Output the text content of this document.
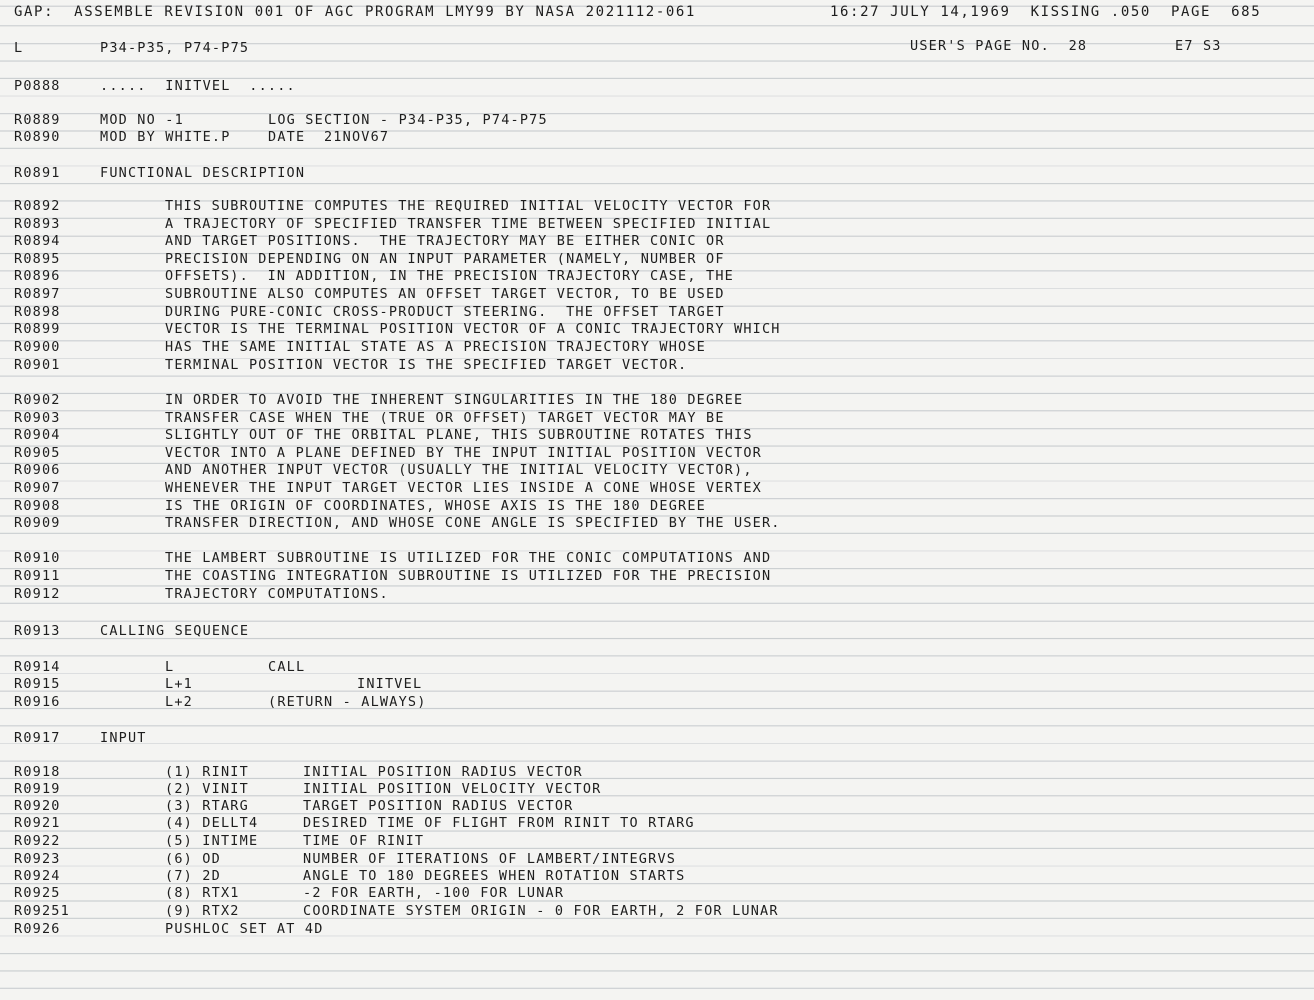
GAP:  ASSEMBLE REVISION 001 OF AGC PROGRAM LMY99 BY NASA 2021112-061	16:27 JULY 14,1969  KISSING .050  PAGE  685
L	P34-P35, P74-P75	USER'S PAGE NO.  28	E7 S3
P0888	.....  INITVEL  .....
R0889	MOD NO -1	LOG SECTION - P34-P35, P74-P75
R0890	MOD BY WHITE.P	DATE  21NOV67
R0891	FUNCTIONAL DESCRIPTION
R0892	THIS SUBROUTINE COMPUTES THE REQUIRED INITIAL VELOCITY VECTOR FOR
R0893	A TRAJECTORY OF SPECIFIED TRANSFER TIME BETWEEN SPECIFIED INITIAL
R0894	AND TARGET POSITIONS.  THE TRAJECTORY MAY BE EITHER CONIC OR
R0895	PRECISION DEPENDING ON AN INPUT PARAMETER (NAMELY, NUMBER OF
R0896	OFFSETS).  IN ADDITION, IN THE PRECISION TRAJECTORY CASE, THE
R0897	SUBROUTINE ALSO COMPUTES AN OFFSET TARGET VECTOR, TO BE USED
R0898	DURING PURE-CONIC CROSS-PRODUCT STEERING.  THE OFFSET TARGET
R0899	VECTOR IS THE TERMINAL POSITION VECTOR OF A CONIC TRAJECTORY WHICH
R0900	HAS THE SAME INITIAL STATE AS A PRECISION TRAJECTORY WHOSE
R0901	TERMINAL POSITION VECTOR IS THE SPECIFIED TARGET VECTOR.
R0902	IN ORDER TO AVOID THE INHERENT SINGULARITIES IN THE 180 DEGREE
R0903	TRANSFER CASE WHEN THE (TRUE OR OFFSET) TARGET VECTOR MAY BE
R0904	SLIGHTLY OUT OF THE ORBITAL PLANE, THIS SUBROUTINE ROTATES THIS
R0905	VECTOR INTO A PLANE DEFINED BY THE INPUT INITIAL POSITION VECTOR
R0906	AND ANOTHER INPUT VECTOR (USUALLY THE INITIAL VELOCITY VECTOR),
R0907	WHENEVER THE INPUT TARGET VECTOR LIES INSIDE A CONE WHOSE VERTEX
R0908	IS THE ORIGIN OF COORDINATES, WHOSE AXIS IS THE 180 DEGREE
R0909	TRANSFER DIRECTION, AND WHOSE CONE ANGLE IS SPECIFIED BY THE USER.
R0910	THE LAMBERT SUBROUTINE IS UTILIZED FOR THE CONIC COMPUTATIONS AND
R0911	THE COASTING INTEGRATION SUBROUTINE IS UTILIZED FOR THE PRECISION
R0912	TRAJECTORY COMPUTATIONS.
R0913	CALLING SEQUENCE
R0914	L	CALL
R0915	L+1	INITVEL
R0916	L+2	(RETURN - ALWAYS)
R0917	INPUT
R0918	(1) RINIT	INITIAL POSITION RADIUS VECTOR
R0919	(2) VINIT	INITIAL POSITION VELOCITY VECTOR
R0920	(3) RTARG	TARGET POSITION RADIUS VECTOR
R0921	(4) DELLT4	DESIRED TIME OF FLIGHT FROM RINIT TO RTARG
R0922	(5) INTIME	TIME OF RINIT
R0923	(6) OD	NUMBER OF ITERATIONS OF LAMBERT/INTEGRVS
R0924	(7) 2D	ANGLE TO 180 DEGREES WHEN ROTATION STARTS
R0925	(8) RTX1	-2 FOR EARTH, -100 FOR LUNAR
R09251	(9) RTX2	COORDINATE SYSTEM ORIGIN - 0 FOR EARTH, 2 FOR LUNAR
R0926	PUSHLOC SET AT 4D
